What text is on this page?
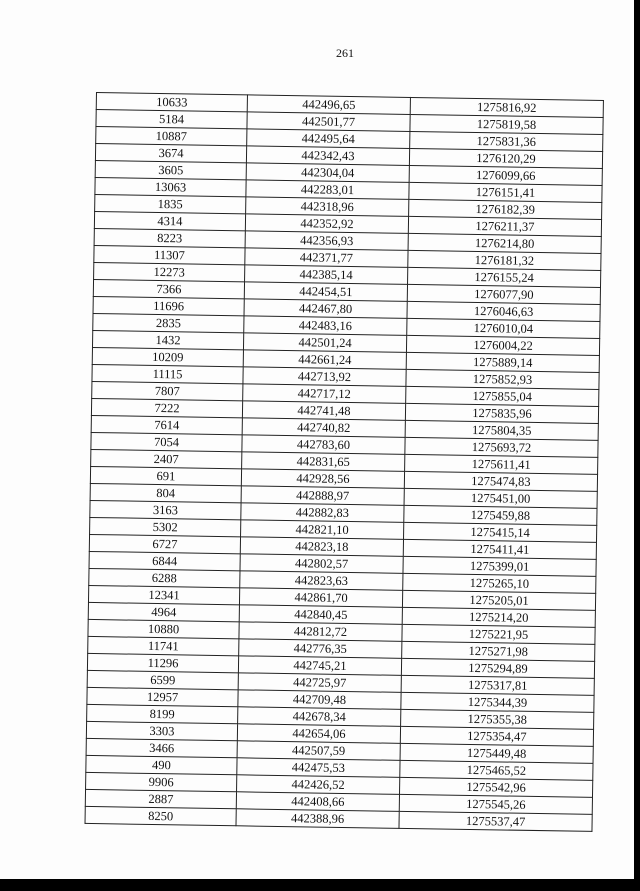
261
10633	442496,65	1275816,92
5184	442501,77	1275819,58
10887	442495,64	1275831,36
3674	442342,43	1276120,29
3605	442304,04	1276099,66
13063	442283,01	1276151,41
1835	442318,96	1276182,39
4314	442352,92	1276211,37
8223	442356,93	1276214,80
11307	442371,77	1276181,32
12273	442385,14	1276155,24
7366	442454,51	1276077,90
11696	442467,80	1276046,63
2835	442483,16	1276010,04
1432	442501,24	1276004,22
10209	442661,24	1275889,14
11115	442713,92	1275852,93
7807	442717,12	1275855,04
7222	442741,48	1275835,96
7614	442740,82	1275804,35
7054	442783,60	1275693,72
2407	442831,65	1275611,41
691	442928,56	1275474,83
804	442888,97	1275451,00
3163	442882,83	1275459,88
5302	442821,10	1275415,14
6727	442823,18	1275411,41
6844	442802,57	1275399,01
6288	442823,63	1275265,10
12341	442861,70	1275205,01
4964	442840,45	1275214,20
10880	442812,72	1275221,95
11741	442776,35	1275271,98
11296	442745,21	1275294,89
6599	442725,97	1275317,81
12957	442709,48	1275344,39
8199	442678,34	1275355,38
3303	442654,06	1275354,47
3466	442507,59	1275449,48
490	442475,53	1275465,52
9906	442426,52	1275542,96
2887	442408,66	1275545,26
8250	442388,96	1275537,47
